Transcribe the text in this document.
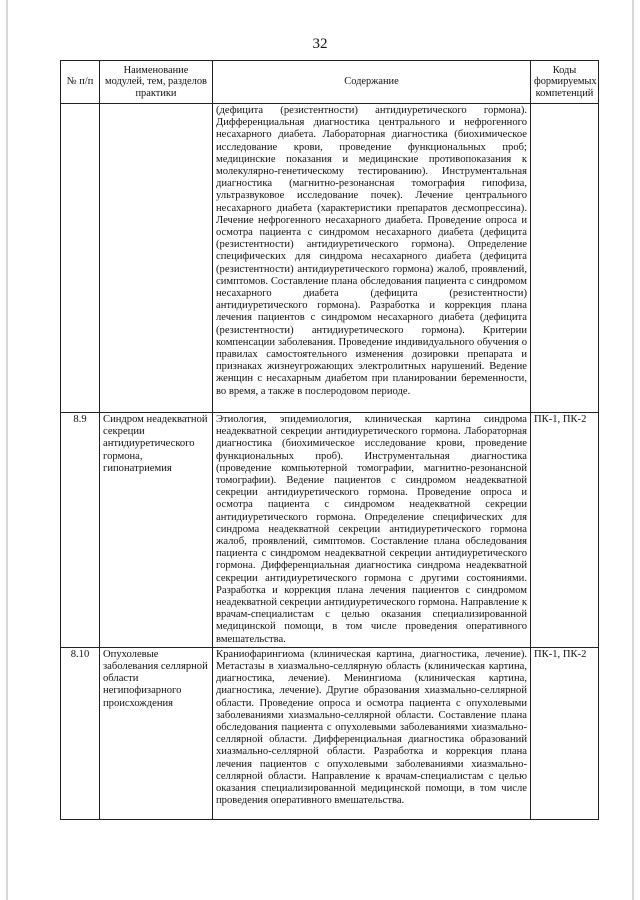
32
№ п/п	Наименование модулей, тем, разделов практики	Содержание	Коды формируемых компетенций
		(дефицита (резистентности) антидиуретического гормона). Дифференциальная диагностика центрального и нефрогенного несахарного диабета. Лабораторная диагностика (биохимическое исследование крови, проведение функциональных проб; медицинские показания и медицинские противопоказания к молекулярно-генетическому тестированию). Инструментальная диагностика (магнитно-резонансная томография гипофиза, ультразвуковое исследование почек). Лечение центрального несахарного диабета (характеристики препаратов десмопрессина). Лечение нефрогенного несахарного диабета. Проведение опроса и осмотра пациента с синдромом несахарного диабета (дефицита (резистентности) антидиуретического гормона). Определение специфических для синдрома несахарного диабета (дефицита (резистентности) антидиуретического гормона) жалоб, проявлений, симптомов. Составление плана обследования пациента с синдромом несахарного диабета (дефицита (резистентности) антидиуретического гормона). Разработка и коррекция плана лечения пациентов с синдромом несахарного диабета (дефицита (резистентности) антидиуретического гормона). Критерии компенсации заболевания. Проведение индивидуального обучения о правилах самостоятельного изменения дозировки препарата и признаках жизнеугрожающих электролитных нарушений. Ведение женщин с несахарным диабетом при планировании беременности, во время, а также в послеродовом периоде.	
8.9	Синдром неадекватной секреции антидиуретического гормона, гипонатриемия	Этиология, эпидемиология, клиническая картина синдрома неадекватной секреции антидиуретического гормона. Лабораторная диагностика (биохимическое исследование крови, проведение функциональных проб). Инструментальная диагностика (проведение компьютерной томографии, магнитно-резонансной томографии). Ведение пациентов с синдромом неадекватной секреции антидиуретического гормона. Проведение опроса и осмотра пациента с синдромом неадекватной секреции антидиуретического гормона. Определение специфических для синдрома неадекватной секреции антидиуретического гормона жалоб, проявлений, симптомов. Составление плана обследования пациента с синдромом неадекватной секреции антидиуретического гормона. Дифференциальная диагностика синдрома неадекватной секреции антидиуретического гормона с другими состояниями. Разработка и коррекция плана лечения пациентов с синдромом неадекватной секреции антидиуретического гормона. Направление к врачам-специалистам с целью оказания специализированной медицинской помощи, в том числе проведения оперативного вмешательства.	ПК-1, ПК-2
8.10	Опухолевые заболевания селлярной области негипофизарного происхождения	Краниофарингиома (клиническая картина, диагностика, лечение). Метастазы в хиазмально-селлярную область (клиническая картина, диагностика, лечение). Менингиома (клиническая картина, диагностика, лечение). Другие образования хиазмально-селлярной области. Проведение опроса и осмотра пациента с опухолевыми заболеваниями хиазмально-селлярной области. Составление плана обследования пациента с опухолевыми заболеваниями хиазмально-селлярной области. Дифференциальная диагностика образований хиазмально-селлярной области. Разработка и коррекция плана лечения пациентов с опухолевыми заболеваниями хиазмально-селлярной области. Направление к врачам-специалистам с целью оказания специализированной медицинской помощи, в том числе проведения оперативного вмешательства.	ПК-1, ПК-2
